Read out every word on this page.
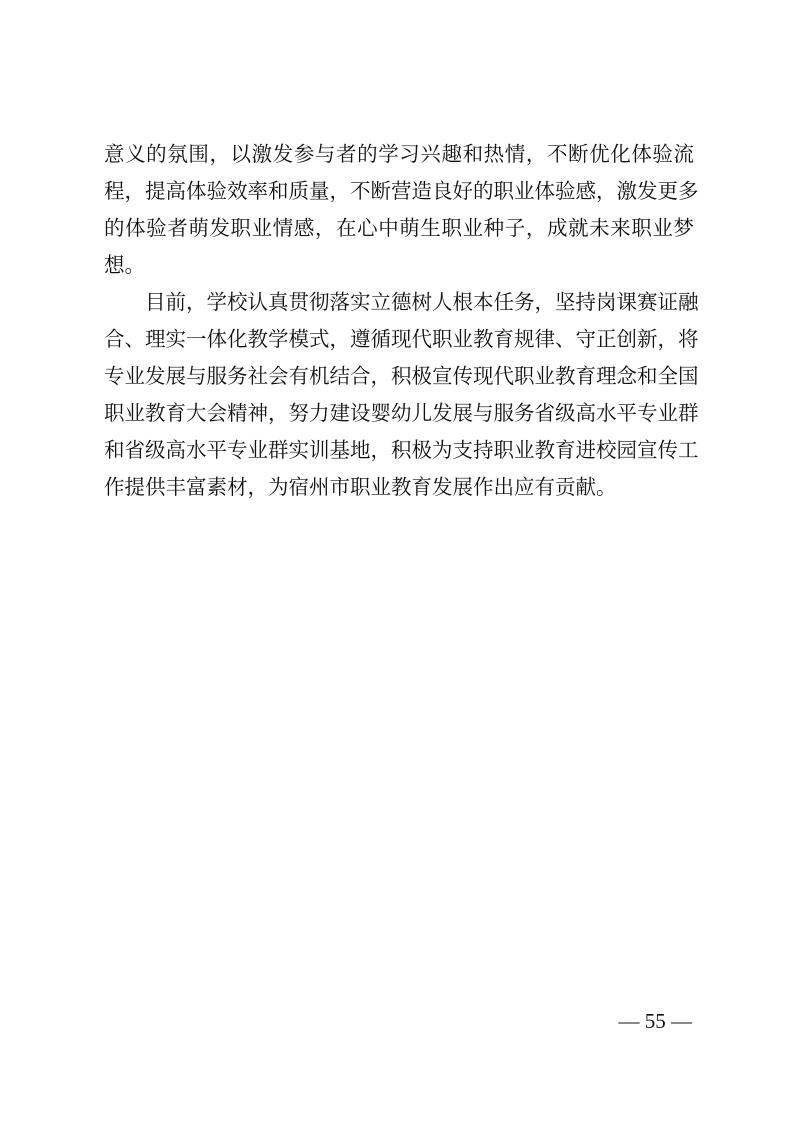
意义的氛围，以激发参与者的学习兴趣和热情，不断优化体验流
程，提高体验效率和质量，不断营造良好的职业体验感，激发更多
的体验者萌发职业情感，在心中萌生职业种子，成就未来职业梦
想。
目前，学校认真贯彻落实立德树人根本任务，坚持岗课赛证融
合、理实一体化教学模式，遵循现代职业教育规律、守正创新，将
专业发展与服务社会有机结合，积极宣传现代职业教育理念和全国
职业教育大会精神，努力建设婴幼儿发展与服务省级高水平专业群
和省级高水平专业群实训基地，积极为支持职业教育进校园宣传工
作提供丰富素材，为宿州市职业教育发展作出应有贡献。
— 55 —
